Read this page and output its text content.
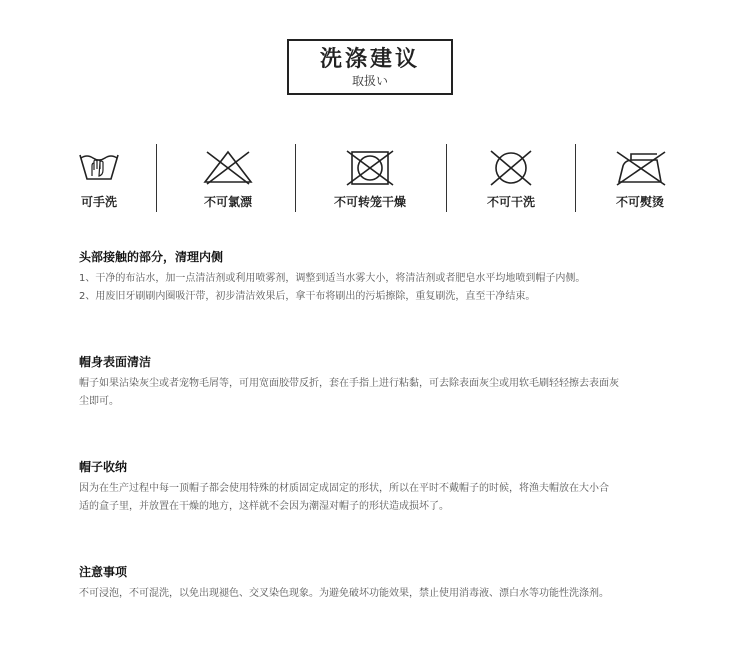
洗涤建议
取扱い
可手洗	不可氯漂	不可转笼干燥	不可干洗	不可熨烫
头部接触的部分，清理内侧

1、干净的布沾水，加一点清洁剂或利用喷雾剂，调整到适当水雾大小，将清洁剂或者肥皂水平均地喷到帽子内侧。

2、用废旧牙刷刷内圈吸汗带，初步清洁效果后，拿干布将刷出的污垢擦除，重复刷洗，直至干净结束。

帽身表面清洁

帽子如果沾染灰尘或者宠物毛屑等，可用宽面胶带反折，套在手指上进行粘黏，可去除表面灰尘或用软毛刷轻轻擦去表面灰

尘即可。

帽子收纳

因为在生产过程中每一顶帽子都会使用特殊的材质固定成固定的形状，所以在平时不戴帽子的时候，将渔夫帽放在大小合

适的盒子里，并放置在干燥的地方，这样就不会因为潮湿对帽子的形状造成损坏了。

注意事项

不可浸泡，不可混洗，以免出现褪色、交叉染色现象。为避免破坏功能效果，禁止使用消毒液、漂白水等功能性洗涤剂。
